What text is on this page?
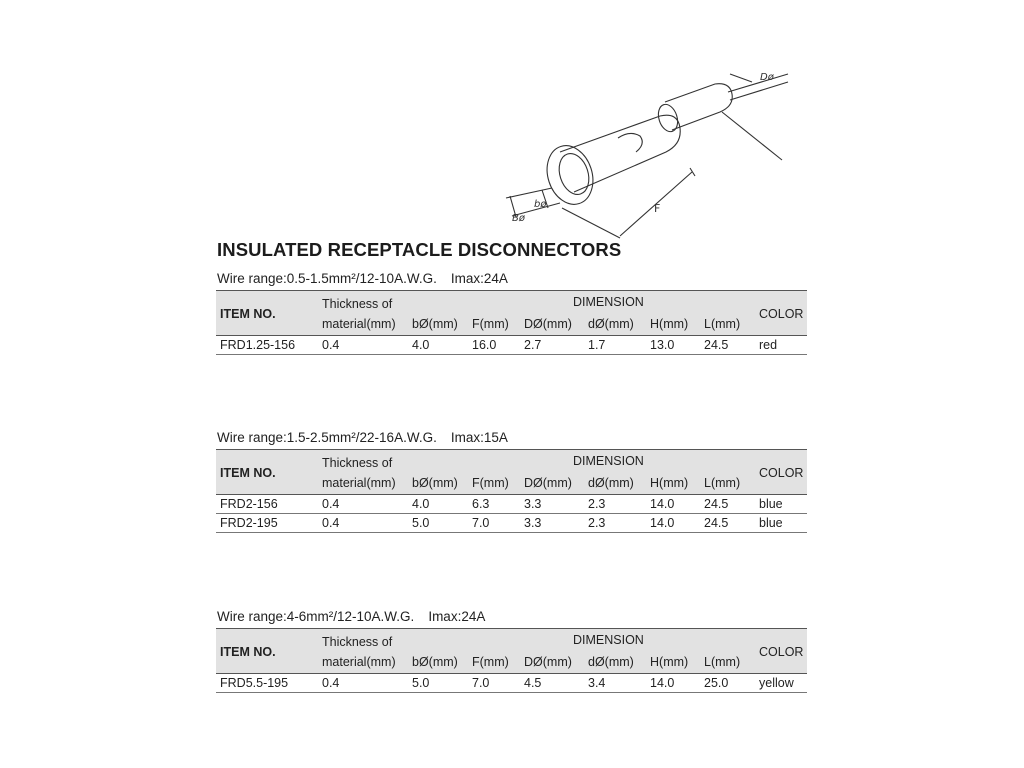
Dø
bø
Bø
F
INSULATED RECEPTACLE DISCONNECTORS
Wire range:0.5-1.5mm²/12-10A.W.G. Imax:24A
ITEM NO.
Thickness of
material(mm)
DIMENSION
bØ(mm) F(mm) DØ(mm) dØ(mm) H(mm) L(mm)
COLOR
FRD1.25-156 0.4	4.0	16.0 2.7	1.7	13.0 24.5 red
Wire range:1.5-2.5mm²/22-16A.W.G. Imax:15A
ITEM NO.
Thickness of
material(mm)
DIMENSION
bØ(mm) F(mm) DØ(mm) dØ(mm) H(mm) L(mm)
COLOR
FRD2-156	0.4	4.0	6.3	3.3	2.3	14.0 24.5 blue
FRD2-195	0.4	5.0	7.0	3.3	2.3	14.0 24.5 blue
Wire range:4-6mm²/12-10A.W.G. Imax:24A
ITEM NO.
Thickness of
material(mm)
DIMENSION
bØ(mm) F(mm) DØ(mm) dØ(mm) H(mm) L(mm)
COLOR
FRD5.5-195	0.4	5.0	7.0	4.5	3.4	14.0 25.0 yellow
